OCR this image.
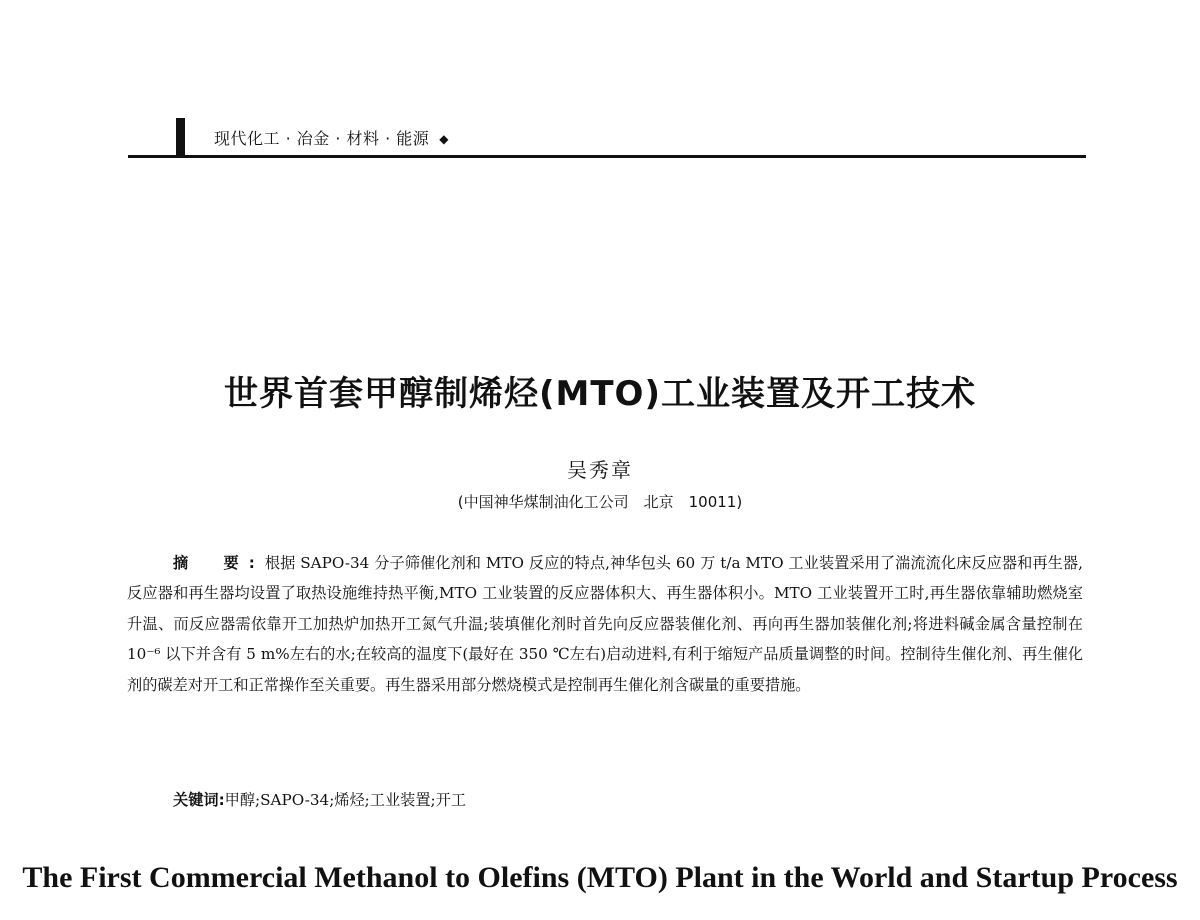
现代化工 · 冶金 · 材料 · 能源 ◆
世界首套甲醇制烯烃(MTO)工业装置及开工技术
吴秀章
(中国神华煤制油化工公司　北京　10011)
摘　要:根据 SAPO-34 分子筛催化剂和 MTO 反应的特点,神华包头 60 万 t/a MTO 工业装置采用了湍流流化床反应器和再生器,反应器和再生器均设置了取热设施维持热平衡,MTO 工业装置的反应器体积大、再生器体积小。MTO 工业装置开工时,再生器依靠辅助燃烧室升温、而反应器需依靠开工加热炉加热开工氮气升温;装填催化剂时首先向反应器装催化剂、再向再生器加装催化剂;将进料碱金属含量控制在 10⁻⁶ 以下并含有 5 m%左右的水;在较高的温度下(最好在 350 ℃左右)启动进料,有利于缩短产品质量调整的时间。控制待生催化剂、再生催化剂的碳差对开工和正常操作至关重要。再生器采用部分燃烧模式是控制再生催化剂含碳量的重要措施。
关键词:甲醇;SAPO-34;烯烃;工业装置;开工
The First Commercial Methanol to Olefins (MTO) Plant in the World and Startup Process
